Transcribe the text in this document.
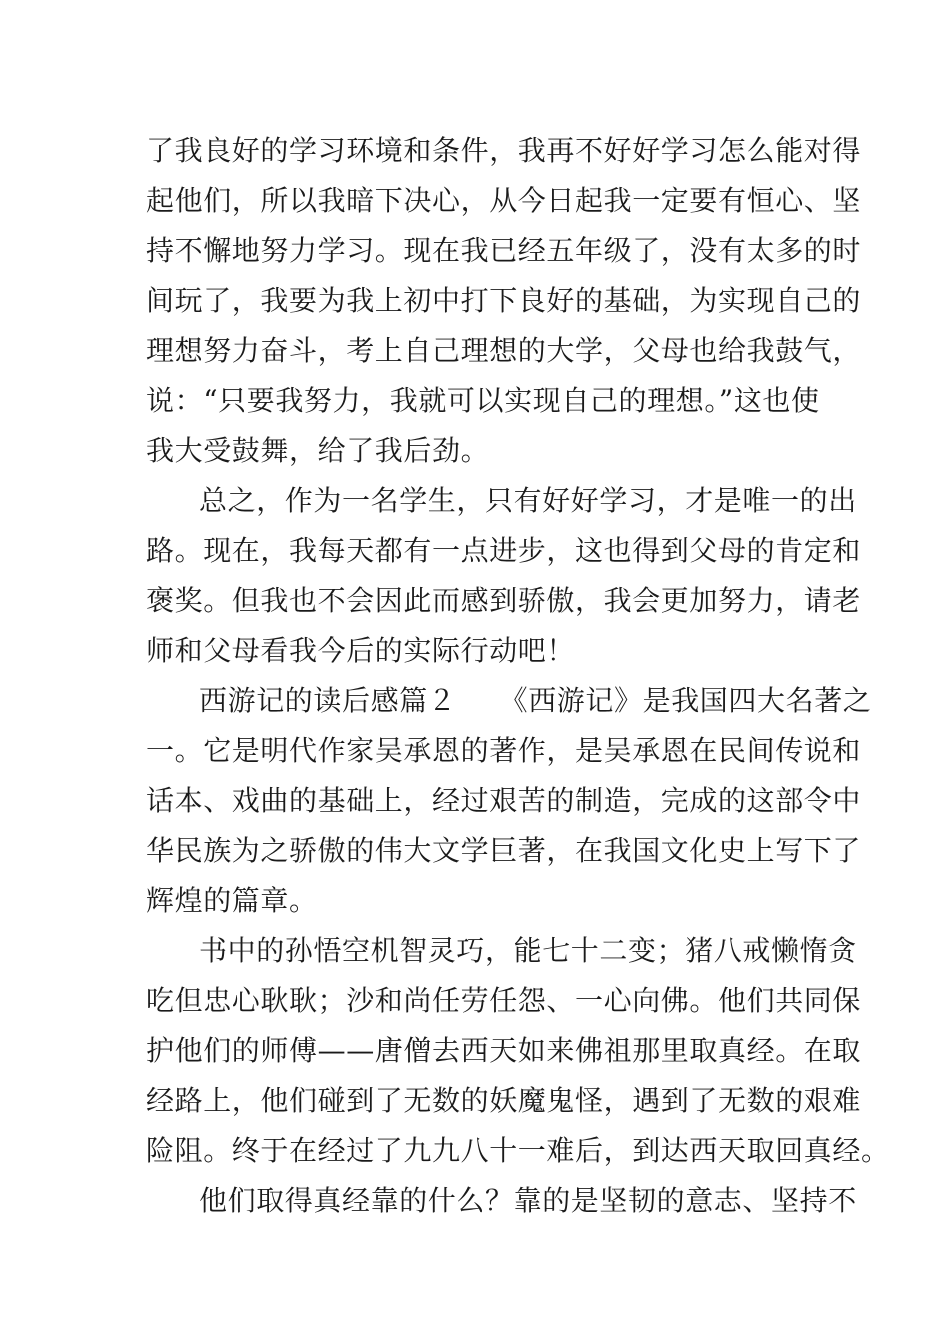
了我良好的学习环境和条件，我再不好好学习怎么能对得
起他们，所以我暗下决心，从今日起我一定要有恒心、坚
持不懈地努力学习。现在我已经五年级了，没有太多的时
间玩了，我要为我上初中打下良好的基础，为实现自己的
理想努力奋斗，考上自己理想的大学，父母也给我鼓气，
说：“只要我努力，我就可以实现自己的理想。”这也使
我大受鼓舞，给了我后劲。
总之，作为一名学生，只有好好学习，才是唯一的出
路。现在，我每天都有一点进步，这也得到父母的肯定和
褒奖。但我也不会因此而感到骄傲，我会更加努力，请老
师和父母看我今后的实际行动吧！
西游记的读后感篇２　　《西游记》是我国四大名著之
一。它是明代作家吴承恩的著作，是吴承恩在民间传说和
话本、戏曲的基础上，经过艰苦的制造，完成的这部令中
华民族为之骄傲的伟大文学巨著，在我国文化史上写下了
辉煌的篇章。
书中的孙悟空机智灵巧，能七十二变；猪八戒懒惰贪
吃但忠心耿耿；沙和尚任劳任怨、一心向佛。他们共同保
护他们的师傅——唐僧去西天如来佛祖那里取真经。在取
经路上，他们碰到了无数的妖魔鬼怪，遇到了无数的艰难
险阻。终于在经过了九九八十一难后，到达西天取回真经。
他们取得真经靠的什么？靠的是坚韧的意志、坚持不
